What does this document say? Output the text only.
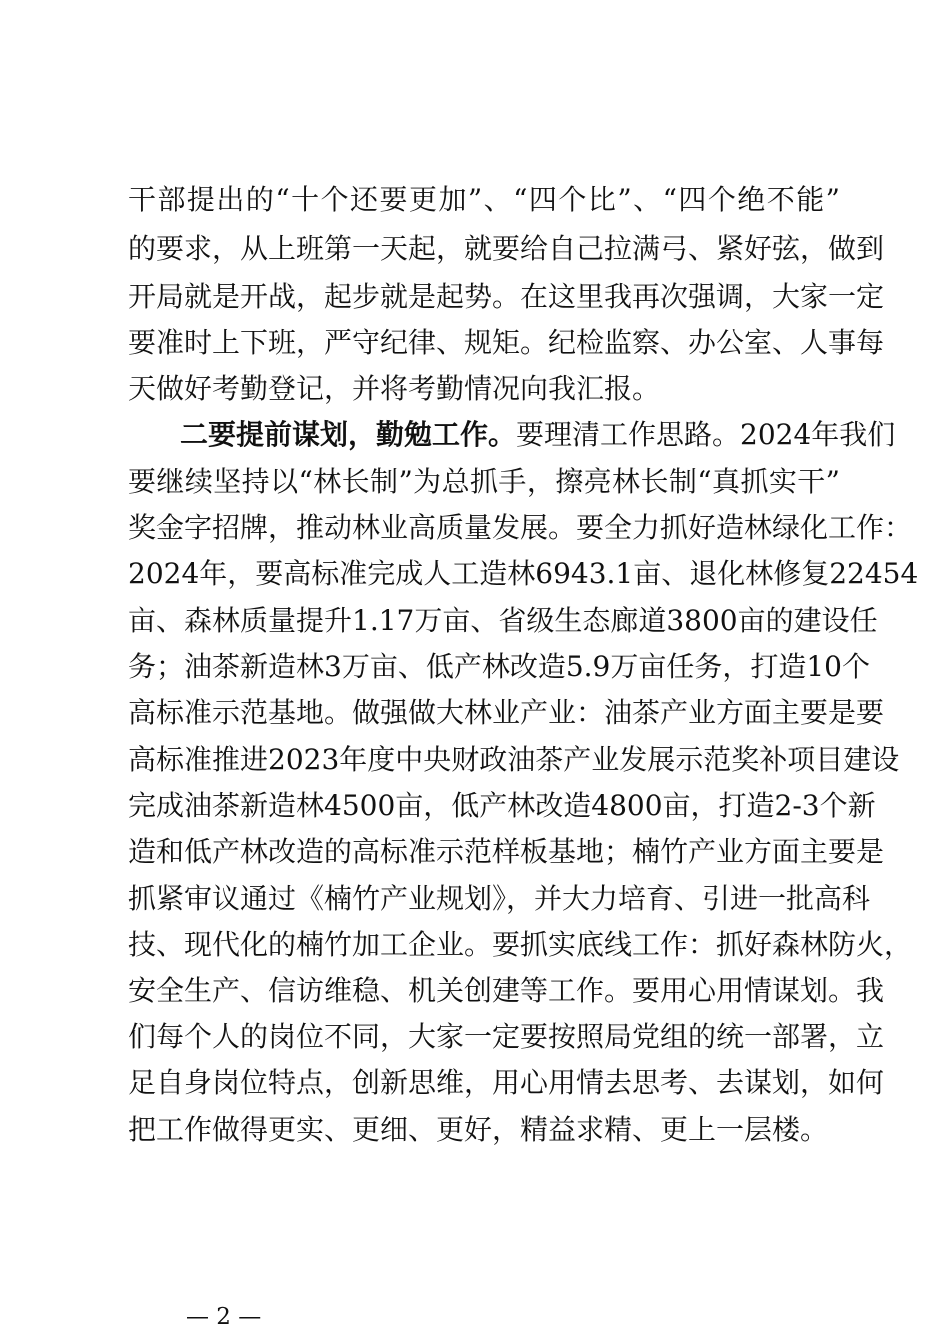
干部提出的“十个还要更加”、“四个比”、“四个绝不能”
的要求，从上班第一天起，就要给自己拉满弓、紧好弦，做到
开局就是开战，起步就是起势。在这里我再次强调，大家一定
要准时上下班，严守纪律、规矩。纪检监察、办公室、人事每
天做好考勤登记，并将考勤情况向我汇报。
二要提前谋划，勤勉工作。要理清工作思路。2024年我们
要继续坚持以“林长制”为总抓手，擦亮林长制“真抓实干”
奖金字招牌，推动林业高质量发展。要全力抓好造林绿化工作：
2024年，要高标准完成人工造林6943.1亩、退化林修复22454
亩、森林质量提升1.17万亩、省级生态廊道3800亩的建设任
务；油茶新造林3万亩、低产林改造5.9万亩任务，打造10个
高标准示范基地。做强做大林业产业：油茶产业方面主要是要
高标准推进2023年度中央财政油茶产业发展示范奖补项目建设
完成油茶新造林4500亩，低产林改造4800亩，打造2-3个新
造和低产林改造的高标准示范样板基地；楠竹产业方面主要是
抓紧审议通过《楠竹产业规划》，并大力培育、引进一批高科
技、现代化的楠竹加工企业。要抓实底线工作：抓好森林防火，
安全生产、信访维稳、机关创建等工作。要用心用情谋划。我
们每个人的岗位不同，大家一定要按照局党组的统一部署，立
足自身岗位特点，创新思维，用心用情去思考、去谋划，如何
把工作做得更实、更细、更好，精益求精、更上一层楼。
— 2 —
